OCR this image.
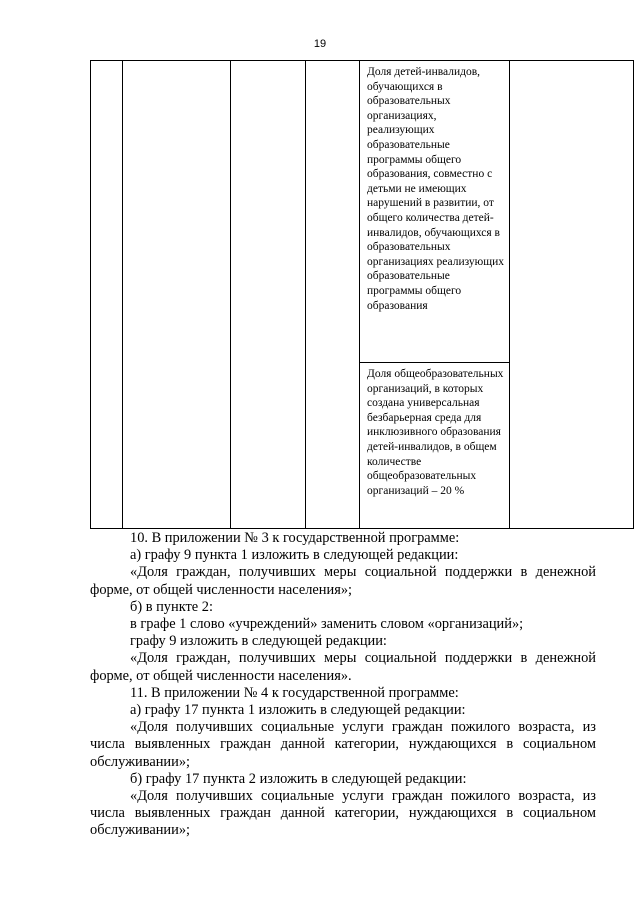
19

Доля детей-инвалидов, обучающихся в образовательных организациях, реализующих образовательные программы общего образования, совместно с детьми не имеющих нарушений в развитии, от общего количества детей-инвалидов, обучающихся в образовательных организациях реализующих образовательные программы общего образования
Доля общеобразовательных организаций, в которых создана универсальная безбарьерная среда для инклюзивного образования детей-инвалидов, в общем количестве общеобразовательных организаций – 20 %

10. В приложении № 3 к государственной программе:

а) графу 9 пункта 1 изложить в следующей редакции:

«Доля граждан, получивших меры социальной поддержки в денежной форме, от общей численности населения»;

б) в пункте 2:

в графе 1 слово «учреждений» заменить словом «организаций»;

графу 9 изложить в следующей редакции:

«Доля граждан, получивших меры социальной поддержки в денежной форме, от общей численности населения».

11. В приложении № 4 к государственной программе:

а) графу 17 пункта 1 изложить в следующей редакции:

«Доля получивших социальные услуги граждан пожилого возраста, из числа выявленных граждан данной категории, нуждающихся в социальном обслуживании»;

б) графу 17 пункта 2 изложить в следующей редакции:

«Доля получивших социальные услуги граждан пожилого возраста, из числа выявленных граждан данной категории, нуждающихся в социальном обслуживании»;
